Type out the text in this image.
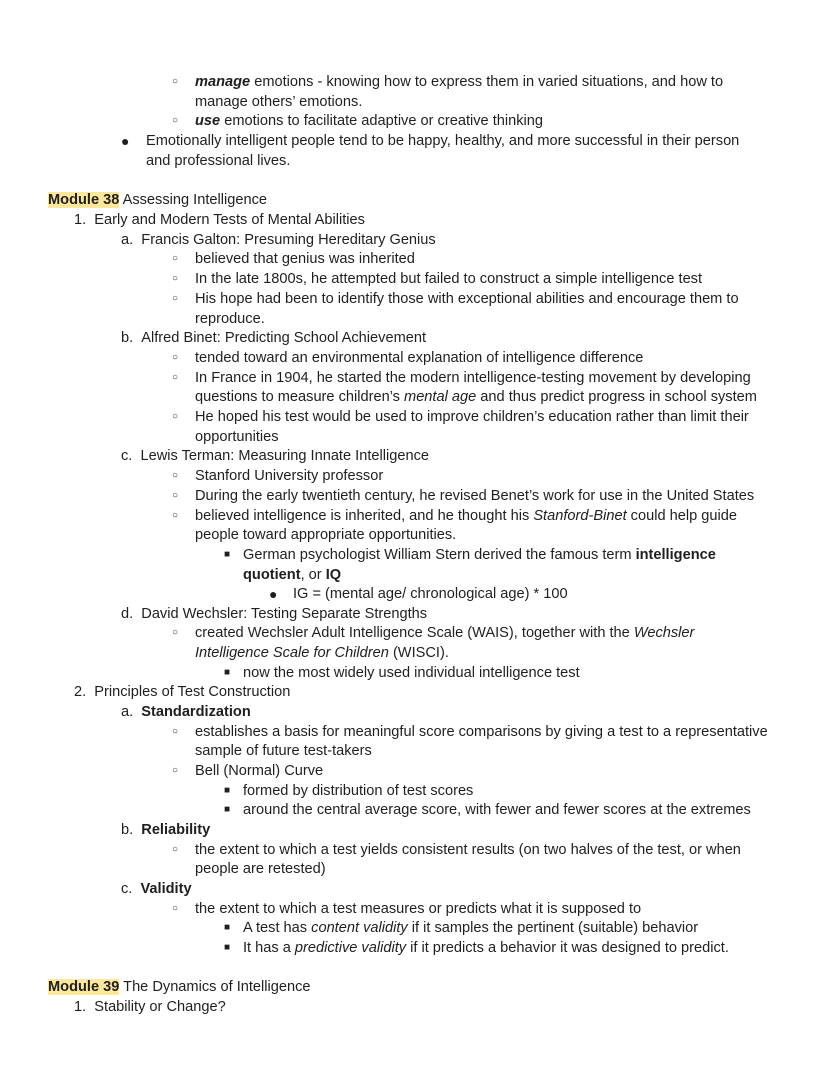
○ manage emotions - knowing how to express them in varied situations, and how to
manage others’ emotions.
○ use emotions to facilitate adaptive or creative thinking
● Emotionally intelligent people tend to be happy, healthy, and more successful in their person
and professional lives.
Module 38 Assessing Intelligence
1. Early and Modern Tests of Mental Abilities
a. Francis Galton: Presuming Hereditary Genius
○ believed that genius was inherited
○ In the late 1800s, he attempted but failed to construct a simple intelligence test
○ His hope had been to identify those with exceptional abilities and encourage them to
reproduce.
b. Alfred Binet: Predicting School Achievement
○ tended toward an environmental explanation of intelligence difference
○ In France in 1904, he started the modern intelligence-testing movement by developing
questions to measure children’s mental age and thus predict progress in school system
○ He hoped his test would be used to improve children’s education rather than limit their
opportunities
c. Lewis Terman: Measuring Innate Intelligence
○ Stanford University professor
○ During the early twentieth century, he revised Benet’s work for use in the United States
○ believed intelligence is inherited, and he thought his Stanford-Binet could help guide
people toward appropriate opportunities.
■ German psychologist William Stern derived the famous term intelligence
quotient, or IQ
● IG = (mental age/ chronological age) * 100
d. David Wechsler: Testing Separate Strengths
○ created Wechsler Adult Intelligence Scale (WAIS), together with the Wechsler
Intelligence Scale for Children (WISCI).
■ now the most widely used individual intelligence test
2. Principles of Test Construction
a. Standardization
○ establishes a basis for meaningful score comparisons by giving a test to a representative
sample of future test-takers
○ Bell (Normal) Curve
■ formed by distribution of test scores
■ around the central average score, with fewer and fewer scores at the extremes
b. Reliability
○ the extent to which a test yields consistent results (on two halves of the test, or when
people are retested)
c. Validity
○ the extent to which a test measures or predicts what it is supposed to
■ A test has content validity if it samples the pertinent (suitable) behavior
■ It has a predictive validity if it predicts a behavior it was designed to predict.
Module 39 The Dynamics of Intelligence
1. Stability or Change?
